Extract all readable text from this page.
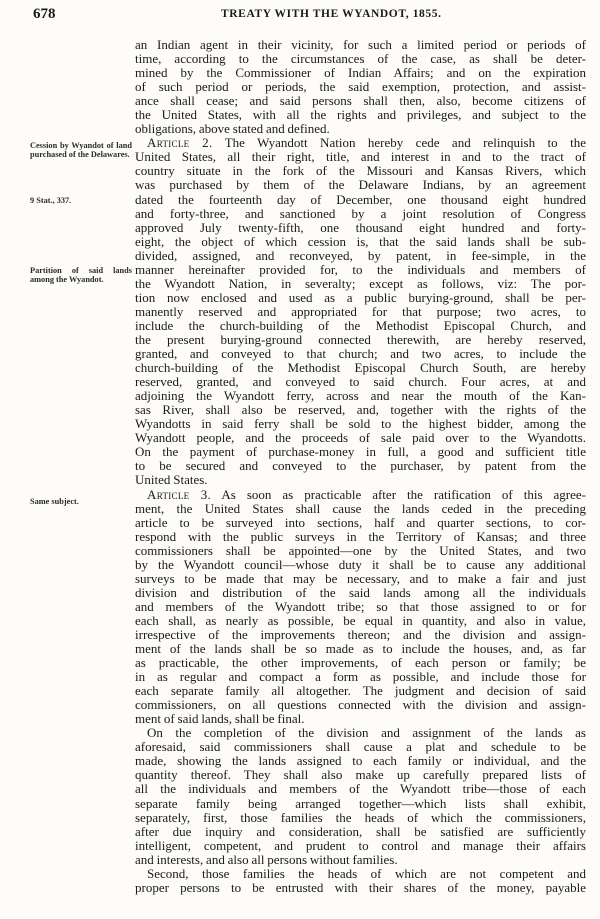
678	TREATY WITH THE WYANDOT, 1855.
Cession by Wyandot of land purchased of the Delawares.
9 Stat., 337.
Partition of said lands among the Wyandot.
Same subject.
an Indian agent in their vicinity, for such a limited period or periods of
time, according to the circumstances of the case, as shall be deter-
mined by the Commissioner of Indian Affairs; and on the expiration
of such period or periods, the said exemption, protection, and assist-
ance shall cease; and said persons shall then, also, become citizens of
the United States, with all the rights and privileges, and subject to the
obligations, above stated and defined.
Article 2. The Wyandott Nation hereby cede and relinquish to the
United States, all their right, title, and interest in and to the tract of
country situate in the fork of the Missouri and Kansas Rivers, which
was purchased by them of the Delaware Indians, by an agreement
dated the fourteenth day of December, one thousand eight hundred
and forty-three, and sanctioned by a joint resolution of Congress
approved July twenty-fifth, one thousand eight hundred and forty-
eight, the object of which cession is, that the said lands shall be sub-
divided, assigned, and reconveyed, by patent, in fee-simple, in the
manner hereinafter provided for, to the individuals and members of
the Wyandott Nation, in severalty; except as follows, viz: The por-
tion now enclosed and used as a public burying-ground, shall be per-
manently reserved and appropriated for that purpose; two acres, to
include the church-building of the Methodist Episcopal Church, and
the present burying-ground connected therewith, are hereby reserved,
granted, and conveyed to that church; and two acres, to include the
church-building of the Methodist Episcopal Church South, are hereby
reserved, granted, and conveyed to said church. Four acres, at and
adjoining the Wyandott ferry, across and near the mouth of the Kan-
sas River, shall also be reserved, and, together with the rights of the
Wyandotts in said ferry shall be sold to the highest bidder, among the
Wyandott people, and the proceeds of sale paid over to the Wyandotts.
On the payment of purchase-money in full, a good and sufficient title
to be secured and conveyed to the purchaser, by patent from the
United States.
Article 3. As soon as practicable after the ratification of this agree-
ment, the United States shall cause the lands ceded in the preceding
article to be surveyed into sections, half and quarter sections, to cor-
respond with the public surveys in the Territory of Kansas; and three
commissioners shall be appointed—one by the United States, and two
by the Wyandott council—whose duty it shall be to cause any additional
surveys to be made that may be necessary, and to make a fair and just
division and distribution of the said lands among all the individuals
and members of the Wyandott tribe; so that those assigned to or for
each shall, as nearly as possible, be equal in quantity, and also in value,
irrespective of the improvements thereon; and the division and assign-
ment of the lands shall be so made as to include the houses, and, as far
as practicable, the other improvements, of each person or family; be
in as regular and compact a form as possible, and include those for
each separate family all altogether. The judgment and decision of said
commissioners, on all questions connected with the division and assign-
ment of said lands, shall be final.
On the completion of the division and assignment of the lands as
aforesaid, said commissioners shall cause a plat and schedule to be
made, showing the lands assigned to each family or individual, and the
quantity thereof. They shall also make up carefully prepared lists of
all the individuals and members of the Wyandott tribe—those of each
separate family being arranged together—which lists shall exhibit,
separately, first, those families the heads of which the commissioners,
after due inquiry and consideration, shall be satisfied are sufficiently
intelligent, competent, and prudent to control and manage their affairs
and interests, and also all persons without families.
Second, those families the heads of which are not competent and
proper persons to be entrusted with their shares of the money, payable
